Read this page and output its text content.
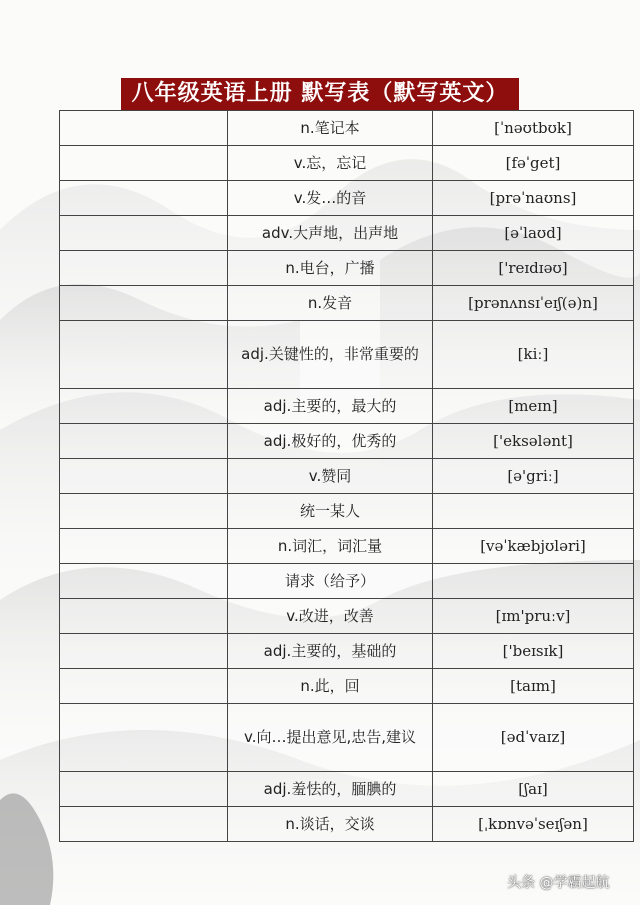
八年级英语上册 默写表（默写英文）
	n.笔记本	[ˈnəʊtbʊk]
	v.忘，忘记	[fəˈget]
	v.发…的音	[prəˈnaʊns]
	adv.大声地，出声地	[əˈlaʊd]
	n.电台，广播	['reɪdɪəʊ]
	n.发音	[prənʌnsɪˈeɪʃ(ə)n]
	adj.关键性的，非常重要的	[kiː]
	adj.主要的，最大的	[meɪn]
	adj.极好的，优秀的	['eksələnt]
	v.赞同	[ə'griː]
	统一某人	
	n.词汇，词汇量	[vəˈkæbjʊləri]
	请求（给予）	
	v.改进，改善	[ɪm'pruːv]
	adj.主要的，基础的	['beɪsɪk]
	n.此，回	[taɪm]
	v.向…提出意见,忠告,建议	[ədˈvaɪz]
	adj.羞怯的，腼腆的	[ʃaɪ]
	n.谈话，交谈	[ˌkɒnvəˈseɪʃən]
头条 @学霸起航
